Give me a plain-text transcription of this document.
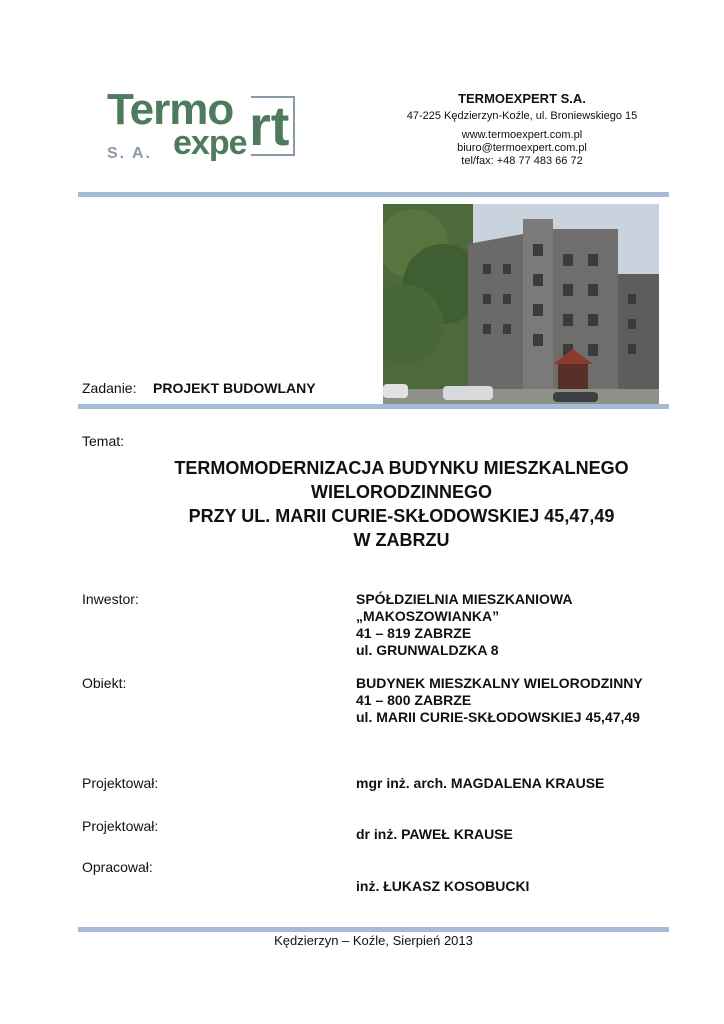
Termo
expe rt
S. A.
TERMOEXPERT S.A.
47-225 Kędzierzyn-Koźle, ul. Broniewskiego 15
www.termoexpert.com.pl
biuro@termoexpert.com.pl
tel/fax: +48 77 483 66 72
Zadanie: PROJEKT BUDOWLANY
Temat:
TERMOMODERNIZACJA BUDYNKU MIESZKALNEGO
WIELORODZINNEGO
PRZY UL. MARII CURIE-SKŁODOWSKIEJ 45,47,49
W ZABRZU
Inwestor:	SPÓŁDZIELNIA MIESZKANIOWA
„MAKOSZOWIANKA”
41 – 819 ZABRZE
ul. GRUNWALDZKA 8
Obiekt:	BUDYNEK MIESZKALNY WIELORODZINNY
41 – 800 ZABRZE
ul. MARII CURIE-SKŁODOWSKIEJ 45,47,49
Projektował:	mgr inż. arch. MAGDALENA KRAUSE
Projektował:	dr inż. PAWEŁ KRAUSE
Opracował:
inż. ŁUKASZ KOSOBUCKI
Kędzierzyn – Koźle, Sierpień 2013
